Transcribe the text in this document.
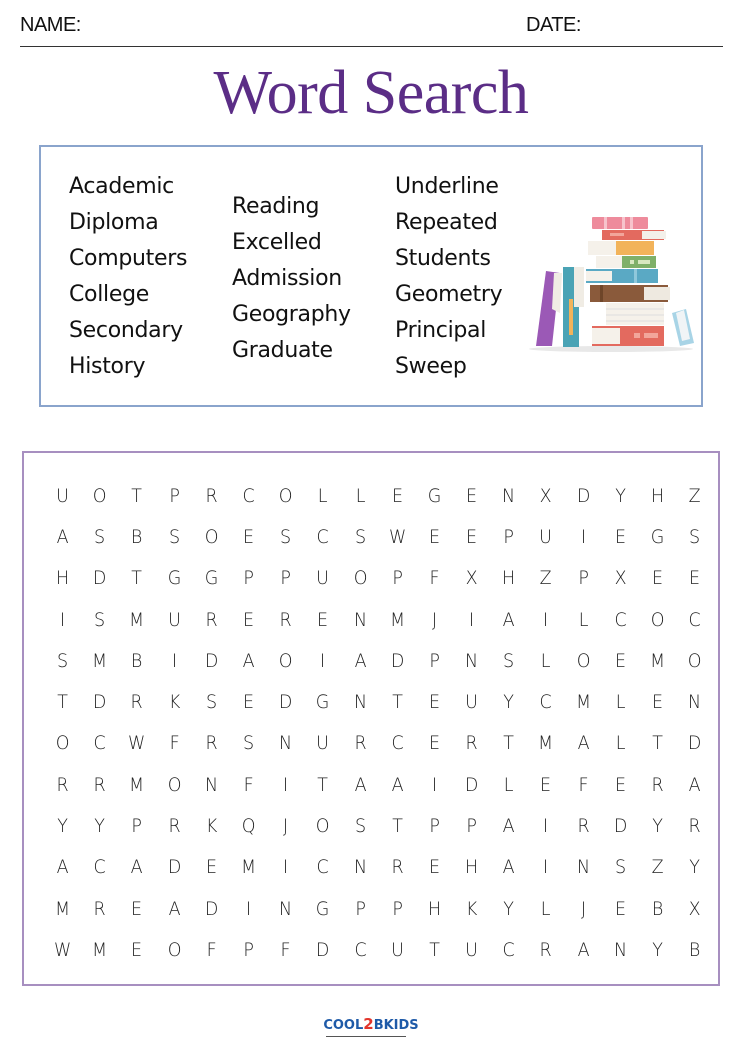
NAME:	DATE:
Word Search
Academic
Diploma
Computers
College
Secondary
History
Reading
Excelled
Admission
Geography
Graduate
Underline
Repeated
Students
Geometry
Principal
Sweep
U	O	T	P	R	C	O	L	L	E	G	E	N	X	D	Y	H	Z
A	S	B	S	O	E	S	C	S	W	E	E	P	U	I	E	G	S
H	D	T	G	G	P	P	U	O	P	F	X	H	Z	P	X	E	E
I	S	M	U	R	E	R	E	N	M	J	I	A	I	L	C	O	C
S	M	B	I	D	A	O	I	A	D	P	N	S	L	O	E	M	O
T	D	R	K	S	E	D	G	N	T	E	U	Y	C	M	L	E	N
O	C	W	F	R	S	N	U	R	C	E	R	T	M	A	L	T	D
R	R	M	O	N	F	I	T	A	A	I	D	L	E	F	E	R	A
Y	Y	P	R	K	Q	J	O	S	T	P	P	A	I	R	D	Y	R
A	C	A	D	E	M	I	C	N	R	E	H	A	I	N	S	Z	Y
M	R	E	A	D	I	N	G	P	P	H	K	Y	L	J	E	B	X
W	M	E	O	F	P	F	D	C	U	T	U	C	R	A	N	Y	B
COOL2BKIDS
